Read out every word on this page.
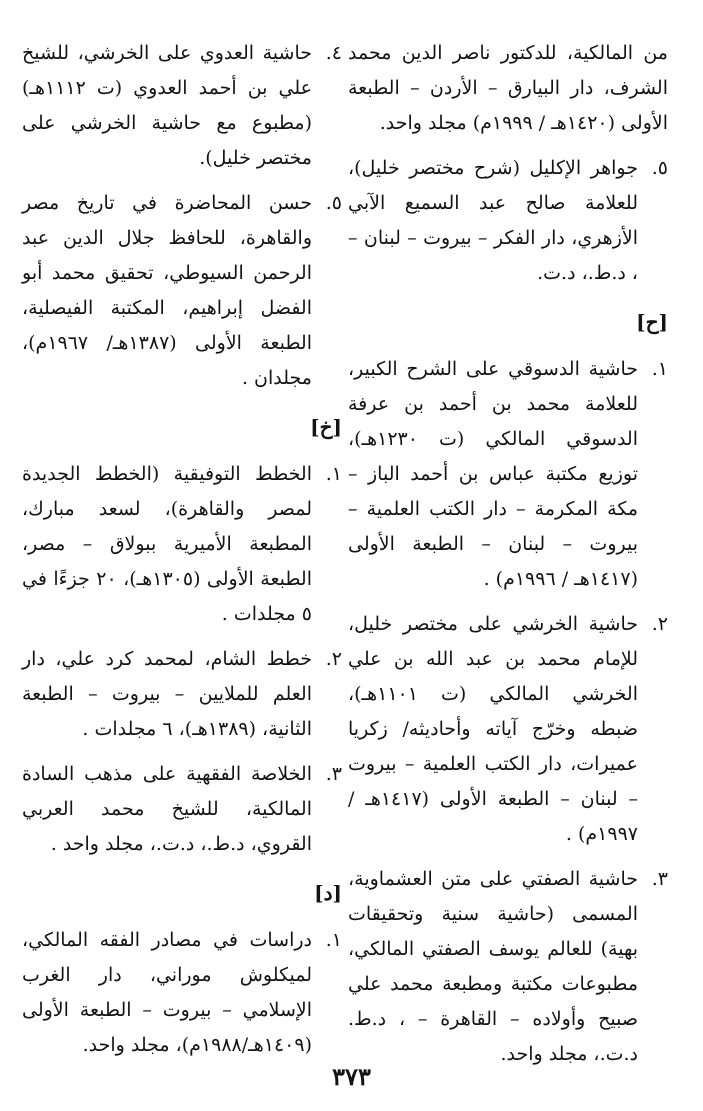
من المالكية، للدكتور ناصر الدين محمد الشرف، دار البيارق – الأردن – الطبعة الأولى (١٤٢٠هـ / ١٩٩٩م) مجلد واحد.
٥.
جواهر الإكليل (شرح مختصر خليل)، للعلامة صالح عبد السميع الآبي الأزهري، دار الفكر – بيروت – لبنان – ، د.ط.، د.ت.
[ح]
١.
حاشية الدسوقي على الشرح الكبير، للعلامة محمد بن أحمد بن عرفة الدسوقي المالكي (ت ١٢٣٠هـ)، توزيع مكتبة عباس بن أحمد الباز – مكة المكرمة – دار الكتب العلمية – بيروت – لبنان – الطبعة الأولى (١٤١٧هـ / ١٩٩٦م) .
٢.
حاشية الخرشي على مختصر خليل، للإمام محمد بن عبد الله بن علي الخرشي المالكي (ت ١١٠١هـ)، ضبطه وخرّج آياته وأحاديثه/ زكريا عميرات، دار الكتب العلمية – بيروت – لبنان – الطبعة الأولى (١٤١٧هـ / ١٩٩٧م) .
٣.
حاشية الصفتي على متن العشماوية، المسمى (حاشية سنية وتحقيقات بهية) للعالم يوسف الصفتي المالكي، مطبوعات مكتبة ومطبعة محمد علي صبيح وأولاده – القاهرة – ، د.ط. د.ت.، مجلد واحد.
٤.
حاشية العدوي على الخرشي، للشيخ علي بن أحمد العدوي (ت ١١١٢هـ) (مطبوع مع حاشية الخرشي على مختصر خليل).
٥.
حسن المحاضرة في تاريخ مصر والقاهرة، للحافظ جلال الدين عبد الرحمن السيوطي، تحقيق محمد أبو الفضل إبراهيم، المكتبة الفيصلية، الطبعة الأولى (١٣٨٧هـ/ ١٩٦٧م)، مجلدان .
[خ]
١.
الخطط التوفيقية (الخطط الجديدة لمصر والقاهرة)، لسعد مبارك، المطبعة الأميرية ببولاق – مصر، الطبعة الأولى (١٣٠٥هـ)، ٢٠ جزءًا في ٥ مجلدات .
٢.
خطط الشام، لمحمد كرد علي، دار العلم للملايين – بيروت – الطبعة الثانية، (١٣٨٩هـ)، ٦ مجلدات .
٣.
الخلاصة الفقهية على مذهب السادة المالكية، للشيخ محمد العربي القروي، د.ط.، د.ت.، مجلد واحد .
[د]
١.
دراسات في مصادر الفقه المالكي، لميكلوش موراني، دار الغرب الإسلامي – بيروت – الطبعة الأولى (١٤٠٩هـ/١٩٨٨م)، مجلد واحد.
٣٧٣
